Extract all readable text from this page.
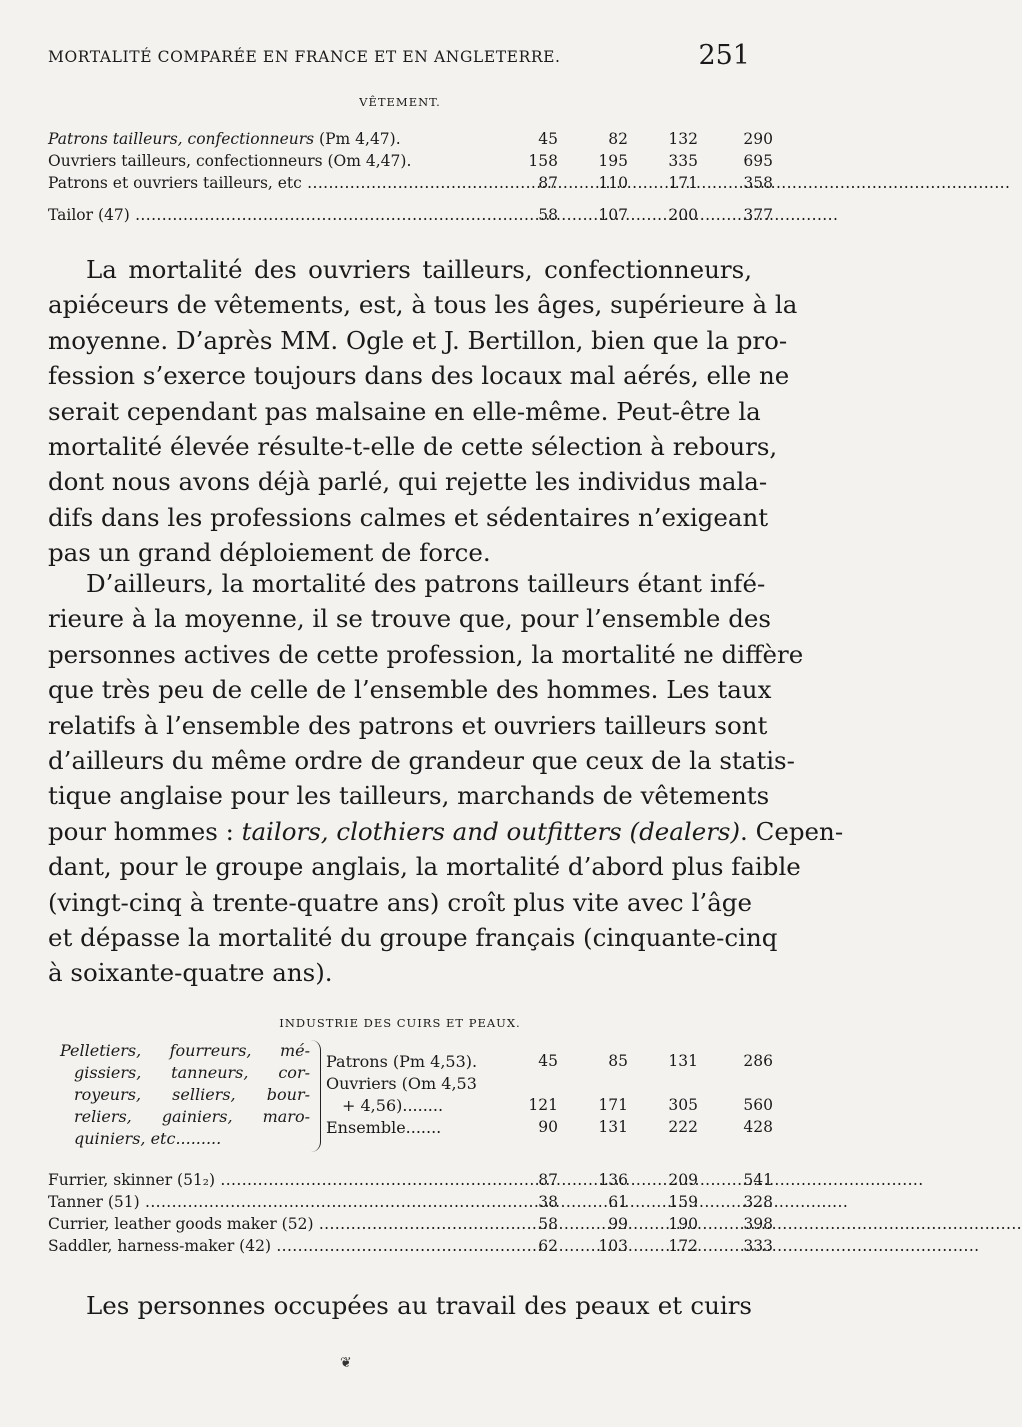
MORTALITÉ COMPARÉE EN FRANCE ET EN ANGLETERRE.	251
VÊTEMENT.
Patrons tailleurs, confectionneurs (Pm 4,47).	45	82	132	290
Ouvriers tailleurs, confectionneurs (Om 4,47).	158	195	335	695
Patrons et ouvriers tailleurs, etc .....	87	110	171	358
Tailor (47) .....	58	107	200	377
La mortalité des ouvriers tailleurs, confectionneurs,
apiéceurs de vêtements, est, à tous les âges, supérieure à la
moyenne. D’après MM. Ogle et J. Bertillon, bien que la pro-
fession s’exerce toujours dans des locaux mal aérés, elle ne
serait cependant pas malsaine en elle-même. Peut-être la
mortalité élevée résulte-t-elle de cette sélection à rebours,
dont nous avons déjà parlé, qui rejette les individus mala-
difs dans les professions calmes et sédentaires n’exigeant
pas un grand déploiement de force.
D’ailleurs, la mortalité des patrons tailleurs étant infé-
rieure à la moyenne, il se trouve que, pour l’ensemble des
personnes actives de cette profession, la mortalité ne diffère
que très peu de celle de l’ensemble des hommes. Les taux
relatifs à l’ensemble des patrons et ouvriers tailleurs sont
d’ailleurs du même ordre de grandeur que ceux de la statis-
tique anglaise pour les tailleurs, marchands de vêtements
pour hommes : tailors, clothiers and outfitters (dealers). Cepen-
dant, pour le groupe anglais, la mortalité d’abord plus faible
(vingt-cinq à trente-quatre ans) croît plus vite avec l’âge
et dépasse la mortalité du groupe français (cinquante-cinq
à soixante-quatre ans).
INDUSTRIE DES CUIRS ET PEAUX.
Pelletiers, fourreurs, mé-
gissiers, tanneurs, cor-
royeurs, selliers, bour-
reliers, gainiers, maro-
quiniers, etc.........
Patrons (Pm 4,53).	45	85	131	286
Ouvriers (Om 4,53
+ 4,56)........	121	171	305	560
Ensemble.......	90	131	222	428
Furrier, skinner (51₂) .....	87	136	209	541
Tanner (51) .....	38	61	159	328
Currier, leather goods maker (52) .....	58	99	190	398
Saddler, harness-maker (42) .....	62	103	172	333
Les personnes occupées au travail des peaux et cuirs
❦
